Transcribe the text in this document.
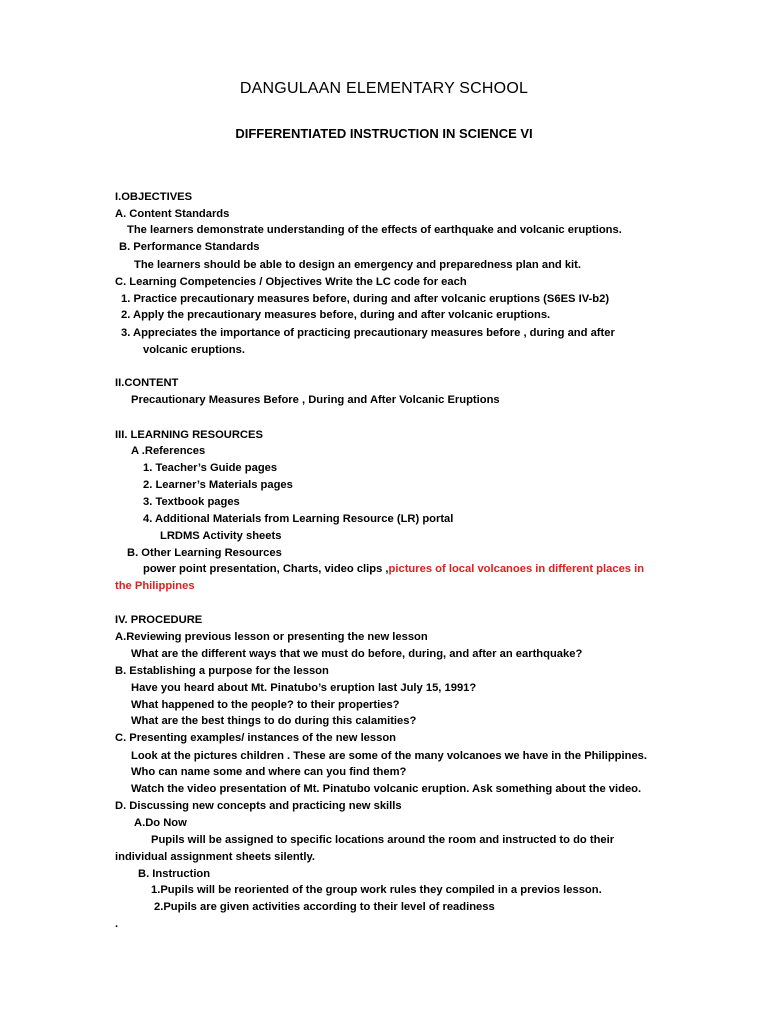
DANGULAAN ELEMENTARY SCHOOL
DIFFERENTIATED INSTRUCTION IN SCIENCE VI
I.OBJECTIVES
A. Content Standards
The learners demonstrate understanding of the effects of earthquake and volcanic eruptions.
B. Performance Standards
The learners should be able to design an emergency and preparedness plan and kit.
C. Learning Competencies / Objectives Write the LC code for each
1. Practice precautionary measures before, during and after volcanic eruptions (S6ES IV-b2)
2. Apply the precautionary measures before, during and after volcanic eruptions.
3. Appreciates the importance of practicing precautionary measures before , during and after
volcanic eruptions.
II.CONTENT
Precautionary Measures Before , During and After Volcanic Eruptions
III. LEARNING RESOURCES
A .References
1. Teacher’s Guide pages
2. Learner’s Materials pages
3. Textbook pages
4. Additional Materials from Learning Resource (LR) portal
LRDMS Activity sheets
B. Other Learning Resources
power point presentation, Charts, video clips ,pictures of local volcanoes in different places in
the Philippines
IV. PROCEDURE
A.Reviewing previous lesson or presenting the new lesson
What are the different ways that we must do before, during, and after an earthquake?
B. Establishing a purpose for the lesson
Have you heard about Mt. Pinatubo’s eruption last July 15, 1991?
What happened to the people? to their properties?
What are the best things to do during this calamities?
C. Presenting examples/ instances of the new lesson
Look at the pictures children . These are some of the many volcanoes we have in the Philippines.
Who can name some and where can you find them?
Watch the video presentation of Mt. Pinatubo volcanic eruption. Ask something about the video.
D. Discussing new concepts and practicing new skills
A.Do Now
Pupils will be assigned to specific locations around the room and instructed to do their
individual assignment sheets silently.
B. Instruction
1.Pupils will be reoriented of the group work rules they compiled in a previos lesson.
2.Pupils are given activities according to their level of readiness
.
